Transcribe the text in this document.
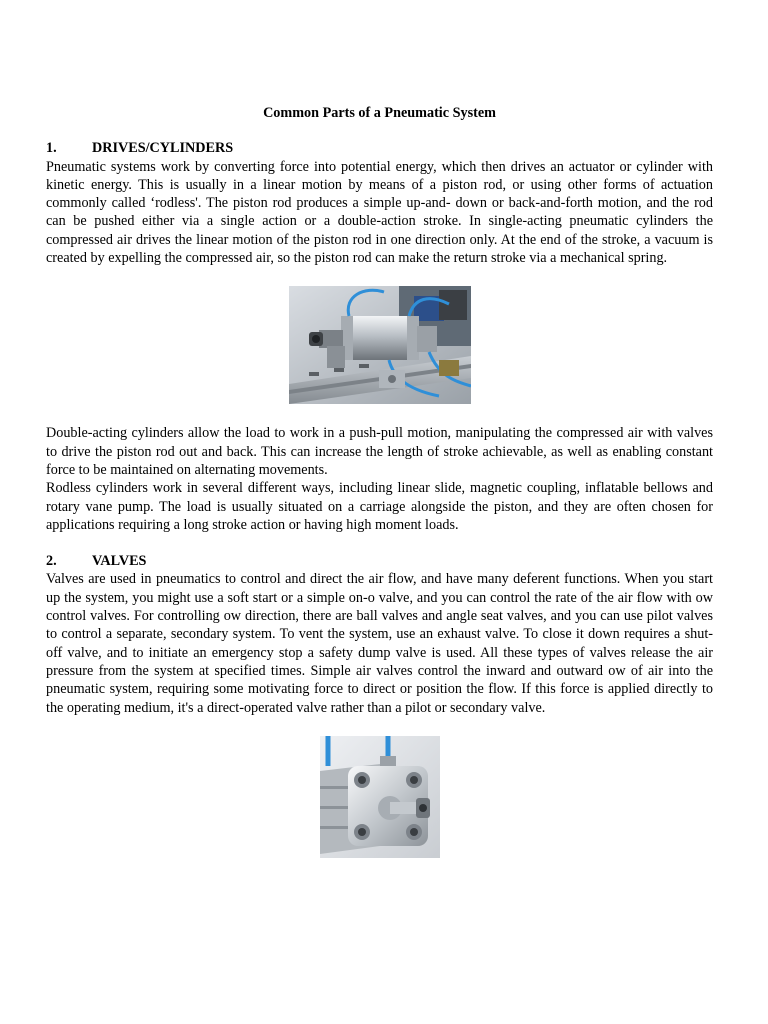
Common Parts of a Pneumatic System
1.	DRIVES/CYLINDERS

Pneumatic systems work by converting force into potential energy, which then drives an actuator or cylinder with kinetic energy. This is usually in a linear motion by means of a piston rod, or using other forms of actuation commonly called ‘rodless'. The piston rod produces a simple up-and- down or back-and-forth motion, and the rod can be pushed either via a single action or a double-action stroke. In single-acting pneumatic cylinders the compressed air drives the linear motion of the piston rod in one direction only. At the end of the stroke, a vacuum is created by expelling the compressed air, so the piston rod can make the return stroke via a mechanical spring.

Double-acting cylinders allow the load to work in a push-pull motion, manipulating the compressed air with valves to drive the piston rod out and back. This can increase the length of stroke achievable, as well as enabling constant force to be maintained on alternating movements.

Rodless cylinders work in several different ways, including linear slide, magnetic coupling, inflatable bellows and rotary vane pump. The load is usually situated on a carriage alongside the piston, and they are often chosen for applications requiring a long stroke action or having high moment loads.

2.	VALVES

Valves are used in pneumatics to control and direct the air flow, and have many deferent functions. When you start up the system, you might use a soft start or a simple on-o valve, and you can control the rate of the air flow with ow control valves. For controlling ow direction, there are ball valves and angle seat valves, and you can use pilot valves to control a separate, secondary system. To vent the system, use an exhaust valve. To close it down requires a shut-off valve, and to initiate an emergency stop a safety dump valve is used. All these types of valves release the air pressure from the system at specified times. Simple air valves control the inward and outward ow of air into the pneumatic system, requiring some motivating force to direct or position the flow. If this force is applied directly to the operating medium, it's a direct-operated valve rather than a pilot or secondary valve.
